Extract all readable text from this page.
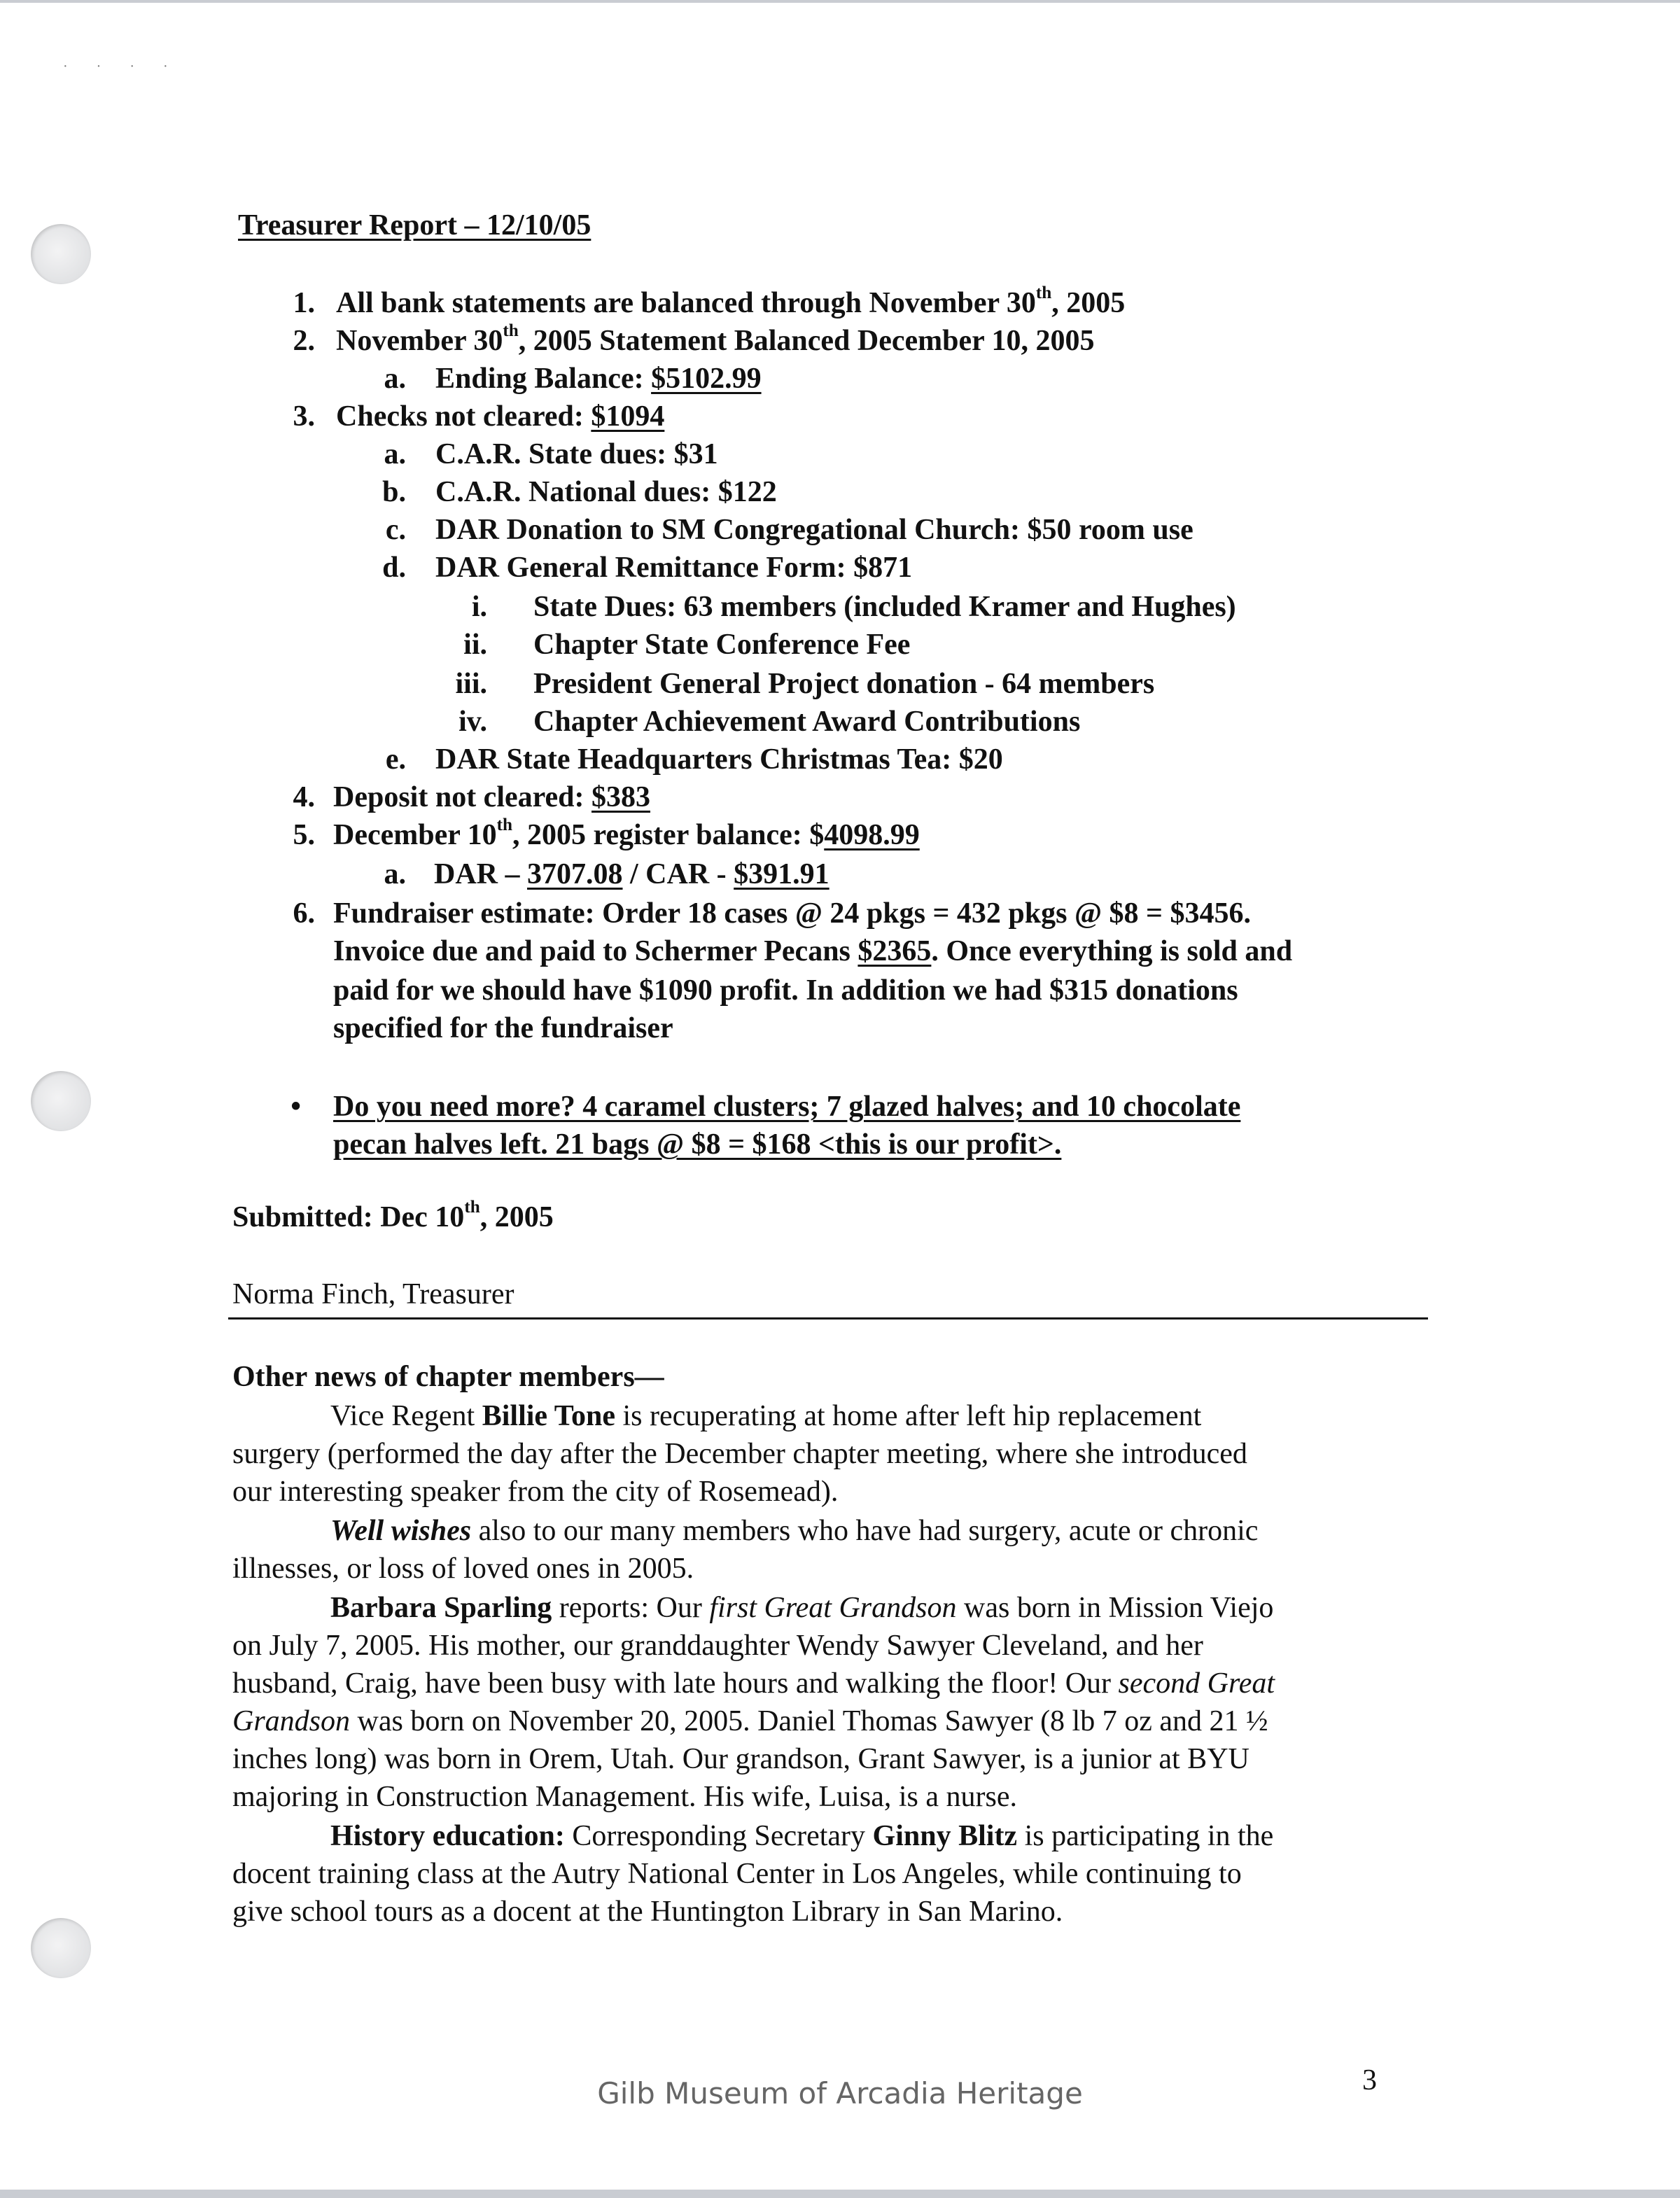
· · · ·
Treasurer Report – 12/10/05
1. All bank statements are balanced through November 30th, 2005
2. November 30th, 2005 Statement Balanced December 10, 2005
a. Ending Balance: $5102.99
3. Checks not cleared: $1094
a. C.A.R. State dues: $31
b. C.A.R. National dues: $122
c. DAR Donation to SM Congregational Church: $50 room use
d. DAR General Remittance Form: $871
i. State Dues: 63 members (included Kramer and Hughes)
ii. Chapter State Conference Fee
iii. President General Project donation - 64 members
iv. Chapter Achievement Award Contributions
e. DAR State Headquarters Christmas Tea: $20
4. Deposit not cleared: $383
5. December 10th, 2005 register balance: $4098.99
a. DAR – 3707.08 / CAR - $391.91
6. Fundraiser estimate: Order 18 cases @ 24 pkgs = 432 pkgs @ $8 = $3456.
Invoice due and paid to Schermer Pecans $2365. Once everything is sold and
paid for we should have $1090 profit. In addition we had $315 donations
specified for the fundraiser
• Do you need more? 4 caramel clusters; 7 glazed halves; and 10 chocolate
pecan halves left. 21 bags @ $8 = $168 <this is our profit>.
Submitted: Dec 10th, 2005
Norma Finch, Treasurer
Other news of chapter members—
Vice Regent Billie Tone is recuperating at home after left hip replacement
surgery (performed the day after the December chapter meeting, where she introduced
our interesting speaker from the city of Rosemead).
Well wishes also to our many members who have had surgery, acute or chronic
illnesses, or loss of loved ones in 2005.
Barbara Sparling reports: Our first Great Grandson was born in Mission Viejo
on July 7, 2005. His mother, our granddaughter Wendy Sawyer Cleveland, and her
husband, Craig, have been busy with late hours and walking the floor! Our second Great
Grandson was born on November 20, 2005. Daniel Thomas Sawyer (8 lb 7 oz and 21 ½
inches long) was born in Orem, Utah. Our grandson, Grant Sawyer, is a junior at BYU
majoring in Construction Management. His wife, Luisa, is a nurse.
History education: Corresponding Secretary Ginny Blitz is participating in the
docent training class at the Autry National Center in Los Angeles, while continuing to
give school tours as a docent at the Huntington Library in San Marino.
3
Gilb Museum of Arcadia Heritage
